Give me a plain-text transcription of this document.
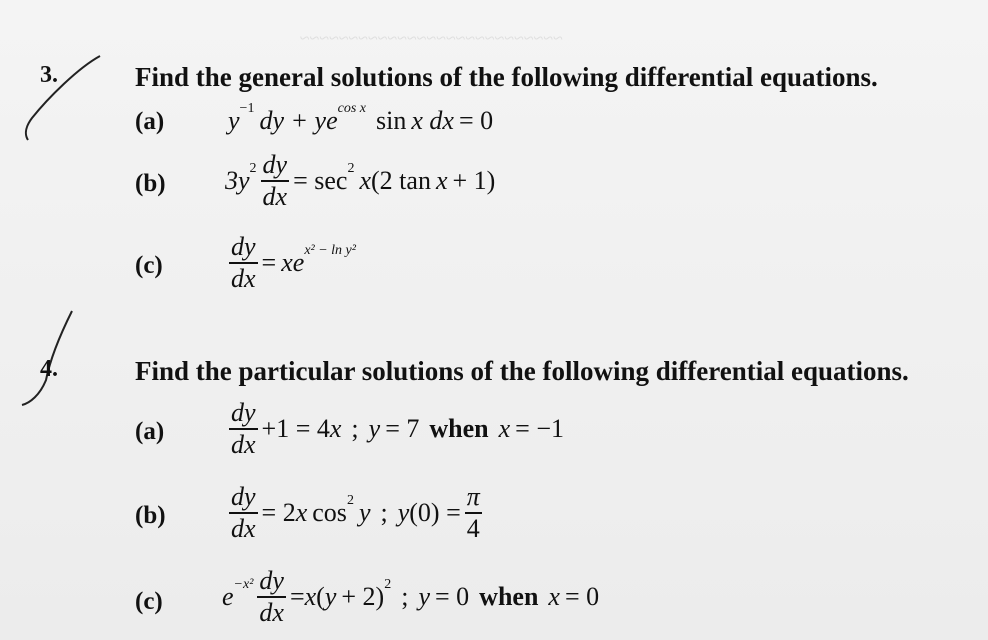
~~~~~~~~~~~~~~~~~~~~~~~~~~~
3.	Find the general solutions of the following differential equations.
(a) y −1 dy + ye cos x sin x dx = 0
(b) 3y $2 \frac{dy}{dx} = \sec 2$ x (2 tan x + 1)
(c)	$\frac{dy}{dx}$ = xe x² − ln y²
4.	Find the particular solutions of the following differential equations.
$(a) \frac{dy}{dx} +1 = 4$ x ; y = 7 when x = −1
$(b) \frac{dy}{dx} = 2$ x cos 2 y ; y $(0) = \frac{\pi}{4}$
(c) $e -x^2 \frac{dy}{dx} = x$ ( y + 2) 2 ; y = 0 when x = 0
